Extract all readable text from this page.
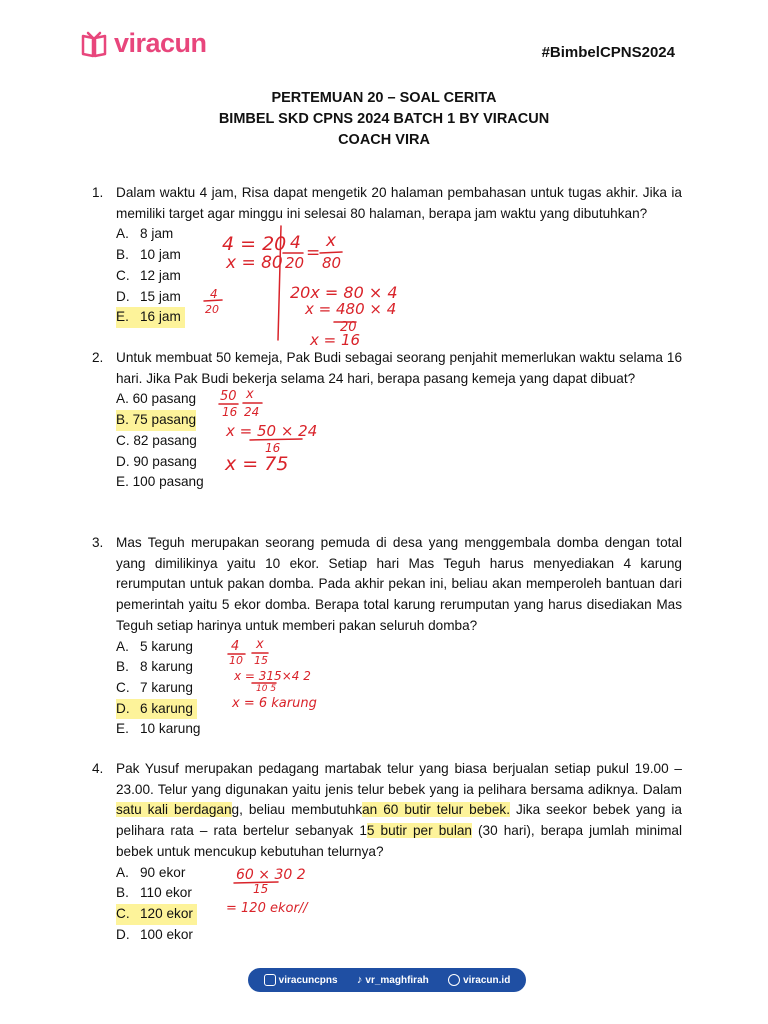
viracun	#BimbelCPNS2024
PERTEMUAN 20 – SOAL CERITA
BIMBEL SKD CPNS 2024 BATCH 1 BY VIRACUN
COACH VIRA
1. Dalam waktu 4 jam, Risa dapat mengetik 20 halaman pembahasan untuk tugas akhir. Jika ia memiliki target agar minggu ini selesai 80 halaman, berapa jam waktu yang dibutuhkan?
A. 8 jam
B. 10 jam
C. 12 jam
D. 15 jam
E. 16 jam
2. Untuk membuat 50 kemeja, Pak Budi sebagai seorang penjahit memerlukan waktu selama 16 hari. Jika Pak Budi bekerja selama 24 hari, berapa pasang kemeja yang dapat dibuat?
A. 60 pasang
B. 75 pasang
C. 82 pasang
D. 90 pasang
E. 100 pasang
3. Mas Teguh merupakan seorang pemuda di desa yang menggembala domba dengan total yang dimilikinya yaitu 10 ekor. Setiap hari Mas Teguh harus menyediakan 4 karung rerumputan untuk pakan domba. Pada akhir pekan ini, beliau akan memperoleh bantuan dari pemerintah yaitu 5 ekor domba. Berapa total karung rerumputan yang harus disediakan Mas Teguh setiap harinya untuk memberi pakan seluruh domba?
A. 5 karung
B. 8 karung
C. 7 karung
D. 6 karung
E. 10 karung
4. Pak Yusuf merupakan pedagang martabak telur yang biasa berjualan setiap pukul 19.00 – 23.00. Telur yang digunakan yaitu jenis telur bebek yang ia pelihara bersama adiknya. Dalam satu kali berdagang, beliau membutuhkan 60 butir telur bebek. Jika seekor bebek yang ia pelihara rata – rata bertelur sebanyak 15 butir per bulan (30 hari), berapa jumlah minimal bebek untuk mencukup kebutuhan telurnya?
A. 90 ekor
B. 110 ekor
C. 120 ekor
D. 100 ekor
4 = 20
x = 80
4
20 =
x
80
20x = 80 × 4
x = 480 × 4
20
x = 16
4
20
50
16
x
24
x = 50 × 24
16
x = 75
4
10
x
15
x = 315×4 2
10 5
x = 6 karung
60 × 30 2
15
= 120 ekor//
viracuncpns ♪ vr_maghfirah	viracun.id
